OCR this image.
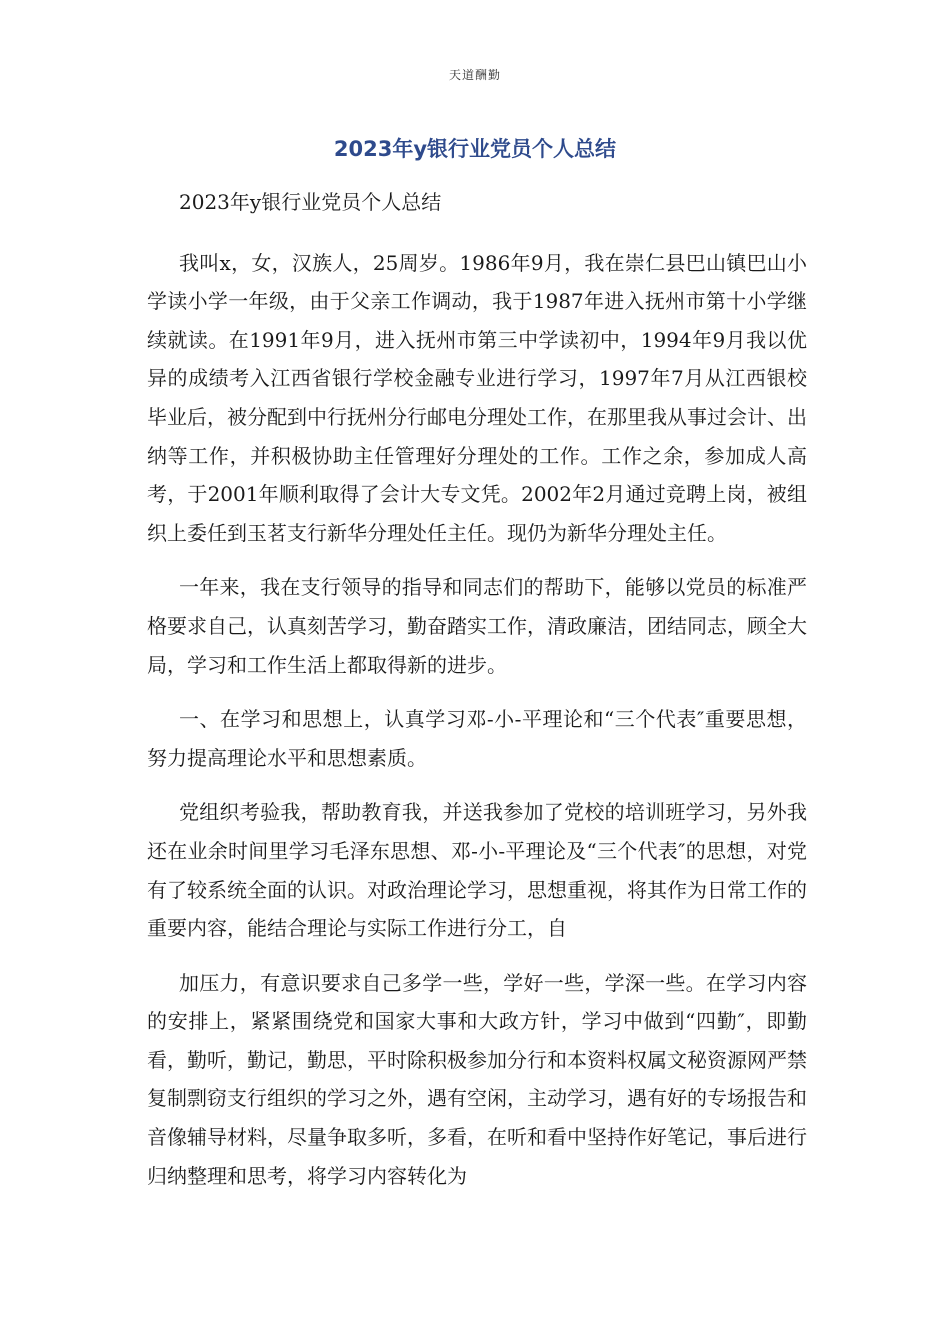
天道酬勤
2023年y银行业党员个人总结

2023年y银行业党员个人总结

我叫x，女，汉族人，25周岁。1986年9月，我在崇仁县巴山镇巴山小学读小学一年级，由于父亲工作调动，我于1987年进入抚州市第十小学继续就读。在1991年9月，进入抚州市第三中学读初中，1994年9月我以优异的成绩考入江西省银行学校金融专业进行学习，1997年7月从江西银校毕业后，被分配到中行抚州分行邮电分理处工作，在那里我从事过会计、出纳等工作，并积极协助主任管理好分理处的工作。工作之余，参加成人高考，于2001年顺利取得了会计大专文凭。2002年2月通过竞聘上岗，被组织上委任到玉茗支行新华分理处任主任。现仍为新华分理处主任。

一年来，我在支行领导的指导和同志们的帮助下，能够以党员的标准严格要求自己，认真刻苦学习，勤奋踏实工作，清政廉洁，团结同志，顾全大局，学习和工作生活上都取得新的进步。

一、在学习和思想上，认真学习邓-小-平理论和“三个代表″重要思想，努力提高理论水平和思想素质。

党组织考验我，帮助教育我，并送我参加了党校的培训班学习，另外我还在业余时间里学习毛泽东思想、邓-小-平理论及“三个代表″的思想，对党有了较系统全面的认识。对政治理论学习，思想重视，将其作为日常工作的重要内容，能结合理论与实际工作进行分工，自

加压力，有意识要求自己多学一些，学好一些，学深一些。在学习内容的安排上，紧紧围绕党和国家大事和大政方针，学习中做到“四勤″，即勤看，勤听，勤记，勤思，平时除积极参加分行和本资料权属文秘资源网严禁复制剽窃支行组织的学习之外，遇有空闲，主动学习，遇有好的专场报告和音像辅导材料，尽量争取多听，多看，在听和看中坚持作好笔记，事后进行归纳整理和思考，将学习内容转化为
